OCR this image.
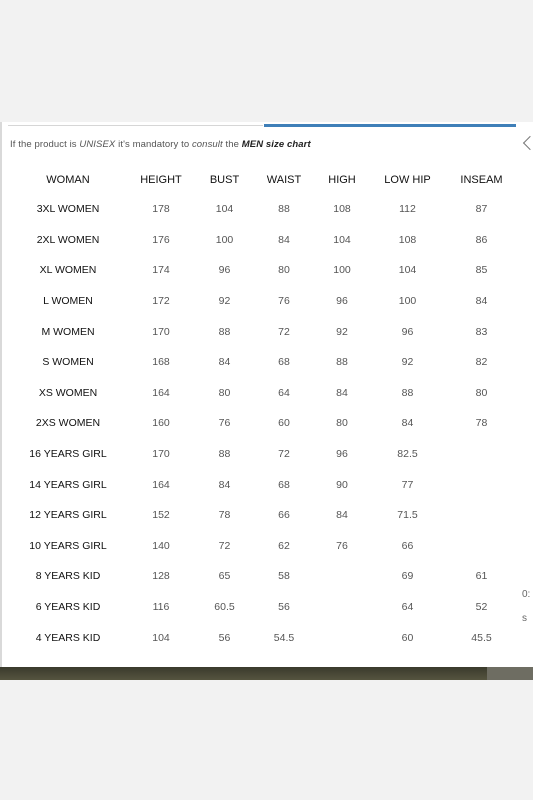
If the product is UNISEX it's mandatory to consult the MEN size chart
WOMAN	HEIGHT	BUST	WAIST	HIGH	LOW HIP	INSEAM
3XL WOMEN	178	104	88	108	112	87
2XL WOMEN	176	100	84	104	108	86
XL WOMEN	174	96	80	100	104	85
L WOMEN	172	92	76	96	100	84
M WOMEN	170	88	72	92	96	83
S WOMEN	168	84	68	88	92	82
XS WOMEN	164	80	64	84	88	80
2XS WOMEN	160	76	60	80	84	78
16 YEARS GIRL	170	88	72	96	82.5	
14 YEARS GIRL	164	84	68	90	77	
12 YEARS GIRL	152	78	66	84	71.5	
10 YEARS GIRL	140	72	62	76	66	
8 YEARS KID	128	65	58		69	61
6 YEARS KID	116	60.5	56		64	52
4 YEARS KID	104	56	54.5		60	45.5
0:
s
